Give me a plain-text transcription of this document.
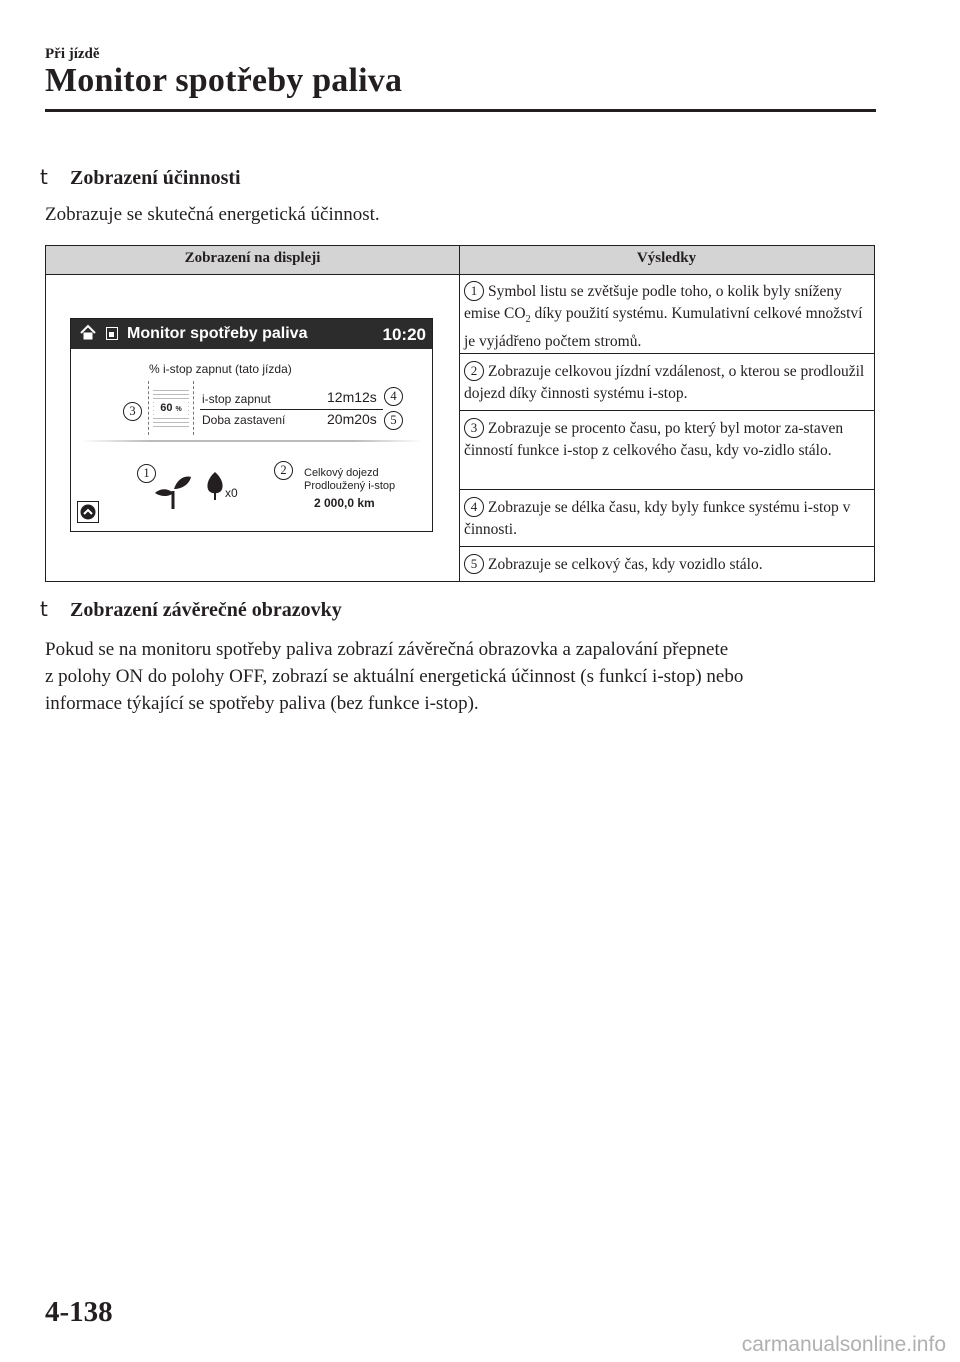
Při jízdě
Monitor spotřeby paliva
t Zobrazení účinnosti
Zobrazuje se skutečná energetická účinnost.
Zobrazení na displeji	Výsledky
1 Symbol listu se zvětšuje podle toho, o kolik byly sníženy emise $CO_2$ díky použití systému. Kumulativní celkové množství je vyjádřeno počtem stromů.
2 Zobrazuje celkovou jízdní vzdálenost, o kterou se prodloužil dojezd díky činnosti systému i-stop.
3 Zobrazuje se procento času, po který byl motor za-staven činností funkce i-stop z celkového času, kdy vo-zidlo stálo.
4 Zobrazuje se délka času, kdy byly funkce systému i-stop v činnosti.
5 Zobrazuje se celkový čas, kdy vozidlo stálo.
Monitor spotřeby paliva	10:20
% i-stop zapnut (tato jízda)
60 %
i-stop zapnut	12m12s
Doba zastavení	20m20s
x0
Celkový dojezd
Prodloužený i-stop
2 000,0 km
1	2
3
4
5
t Zobrazení závěrečné obrazovky
Pokud se na monitoru spotřeby paliva zobrazí závěrečná obrazovka a zapalování přepnete
z polohy ON do polohy OFF, zobrazí se aktuální energetická účinnost (s funkcí i-stop) nebo
informace týkající se spotřeby paliva (bez funkce i-stop).
4-138
carmanualsonline.info
